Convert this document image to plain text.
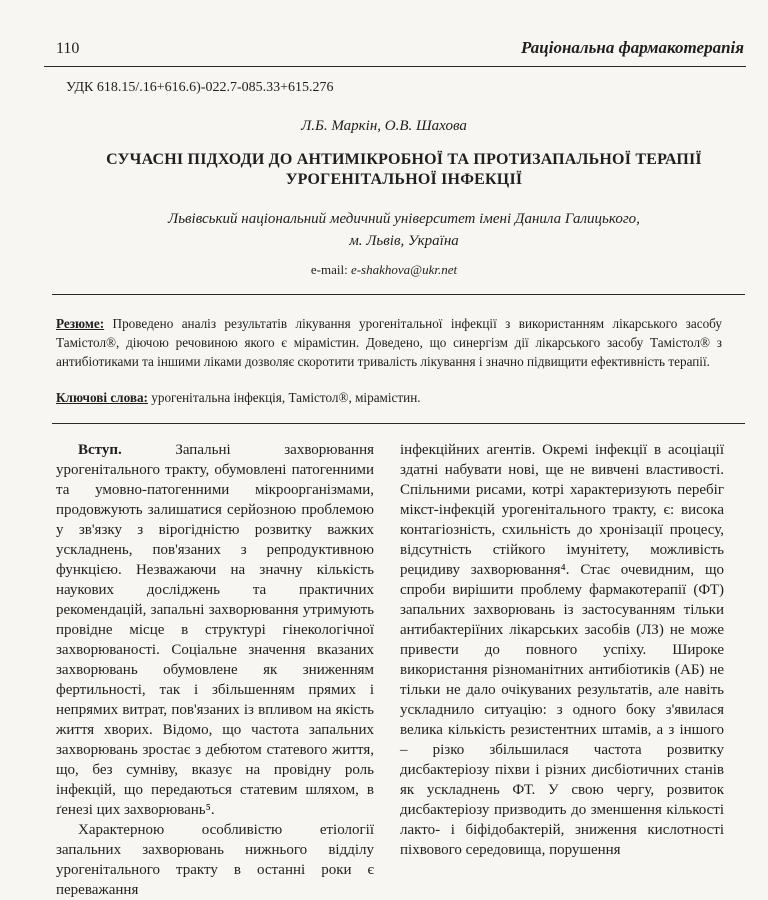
110	Раціональна фармакотерапія
УДК 618.15/.16+616.6)-022.7-085.33+615.276
Л.Б. Маркін, О.В. Шахова
СУЧАСНІ ПІДХОДИ ДО АНТИМІКРОБНОЇ ТА ПРОТИЗАПАЛЬНОЇ ТЕРАПІЇ УРОГЕНІТАЛЬНОЇ ІНФЕКЦІЇ
Львівський національний медичний університет імені Данила Галицького,
м. Львів, Україна
e-mail: e-shakhova@ukr.net
Резюме: Проведено аналіз результатів лікування урогенітальної інфекції з використанням лікарського засобу Тамістол®, діючою речовиною якого є мірамістин. Доведено, що синергізм дії лікарського засобу Тамістол® з антибіотиками та іншими ліками дозволяє скоротити тривалість лікування і значно підвищити ефективність терапії.
Ключові слова: урогенітальна інфекція, Тамістол®, мірамістин.

Вступ. Запальні захворювання урогенітального тракту, обумовлені патогенними та умовно-патогенними мікроорганізмами, продовжують залишатися серйозною проблемою у зв'язку з вірогідністю розвитку важких ускладнень, пов'язаних з репродуктивною функцією. Незважаючи на значну кількість наукових досліджень та практичних рекомендацій, запальні захворювання утримують провідне місце в структурі гінекологічної захворюваності. Соціальне значення вказаних захворювань обумовлене як зниженням фертильності, так і збільшенням прямих і непрямих витрат, пов'язаних із впливом на якість життя хворих. Відомо, що частота запальних захворювань зростає з дебютом статевого життя, що, без сумніву, вказує на провідну роль інфекцій, що передаються статевим шляхом, в ґенезі цих захворювань⁵.

Характерною особливістю етіології запальних захворювань нижнього відділу урогенітального тракту в останні роки є переважання

інфекційних агентів. Окремі інфекції в асоціації здатні набувати нові, ще не вивчені властивості. Спільними рисами, котрі характеризують перебіг мікст-інфекцій урогенітального тракту, є: висока контагіозність, схильність до хронізації процесу, відсутність стійкого імунітету, можливість рецидиву захворювання⁴. Стає очевидним, що спроби вирішити проблему фармакотерапії (ФТ) запальних захворювань із застосуванням тільки антибактеріїних лікарських засобів (ЛЗ) не може привести до повного успіху. Широке використання різноманітних антибіотиків (АБ) не тільки не дало очікуваних результатів, але навіть ускладнило ситуацію: з одного боку з'явилася велика кількість резистентних штамів, а з іншого – різко збільшилася частота розвитку дисбактеріозу піхви і різних дисбіотичних станів як ускладнень ФТ. У свою чергу, розвиток дисбактеріозу призводить до зменшення кількості лакто- і біфідобактерій, зниження кислотності піхвового середовища, порушення
